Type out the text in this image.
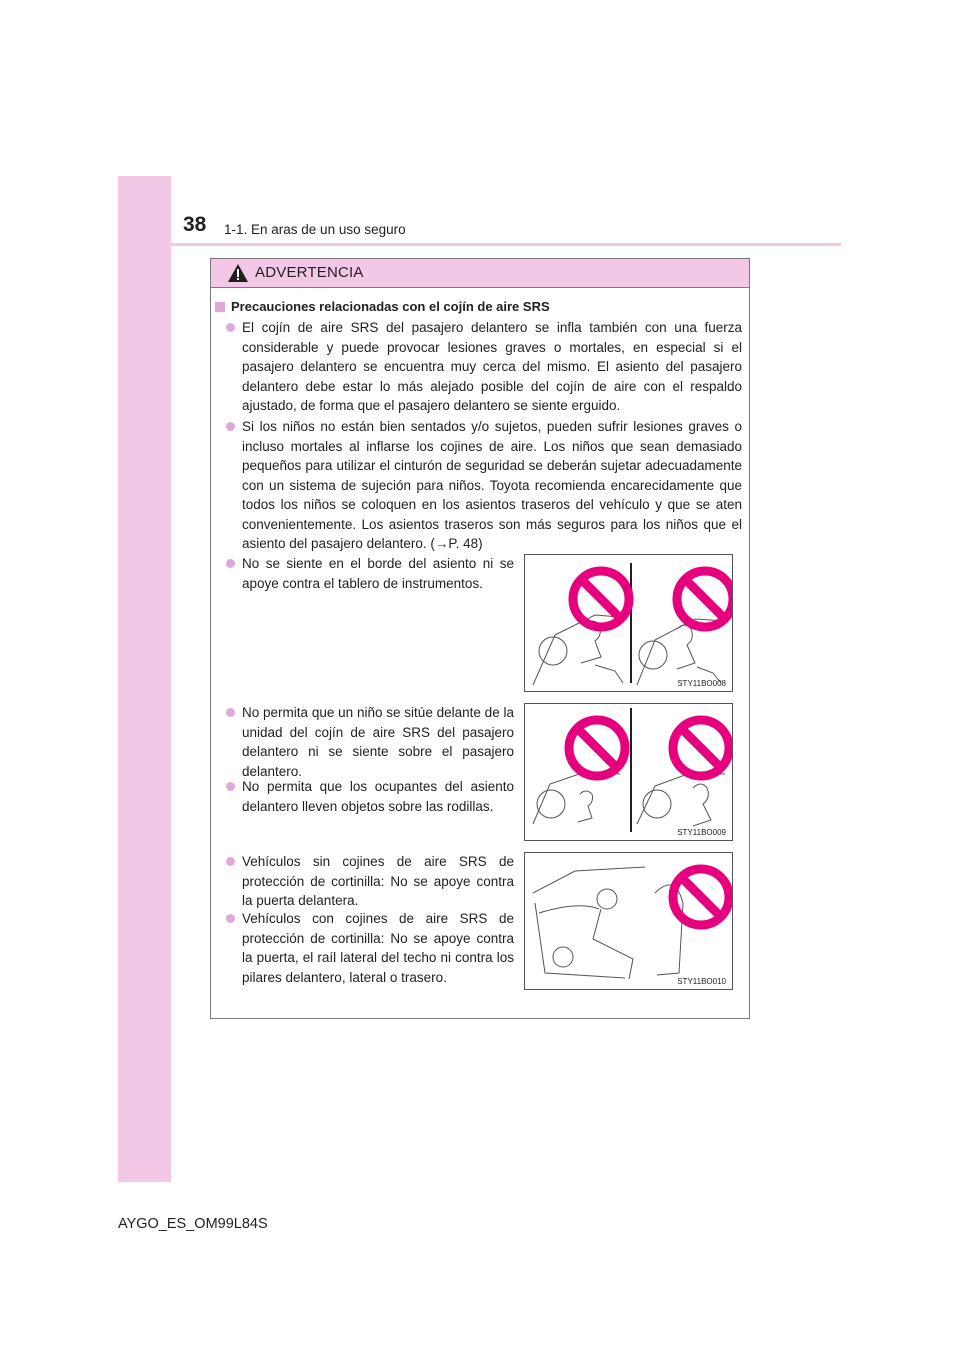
38 1-1. En aras de un uso seguro
ADVERTENCIA
Precauciones relacionadas con el cojín de aire SRS
El cojín de aire SRS del pasajero delantero se infla también con una fuerza considerable y puede provocar lesiones graves o mortales, en especial si el pasajero delantero se encuentra muy cerca del mismo. El asiento del pasajero delantero debe estar lo más alejado posible del cojín de aire con el respaldo ajustado, de forma que el pasajero delantero se siente erguido.
Si los niños no están bien sentados y/o sujetos, pueden sufrir lesiones graves o incluso mortales al inflarse los cojines de aire. Los niños que sean demasiado pequeños para utilizar el cinturón de seguridad se deberán sujetar adecuadamente con un sistema de sujeción para niños. Toyota recomienda encarecidamente que todos los niños se coloquen en los asientos traseros del vehículo y que se aten convenientemente. Los asientos traseros son más seguros para los niños que el asiento del pasajero delantero. (→P. 48)
No se siente en el borde del asiento ni se apoye contra el tablero de instrumentos.
No permita que un niño se sitúe delante de la unidad del cojín de aire SRS del pasajero delantero ni se siente sobre el pasajero delantero.
No permita que los ocupantes del asiento delantero lleven objetos sobre las rodillas.
Vehículos sin cojines de aire SRS de protección de cortinilla: No se apoye contra la puerta delantera.
Vehículos con cojines de aire SRS de protección de cortinilla: No se apoye contra la puerta, el raíl lateral del techo ni contra los pilares delantero, lateral o trasero.
STY11BO008
STY11BO009
STY11BO010
AYGO_ES_OM99L84S
